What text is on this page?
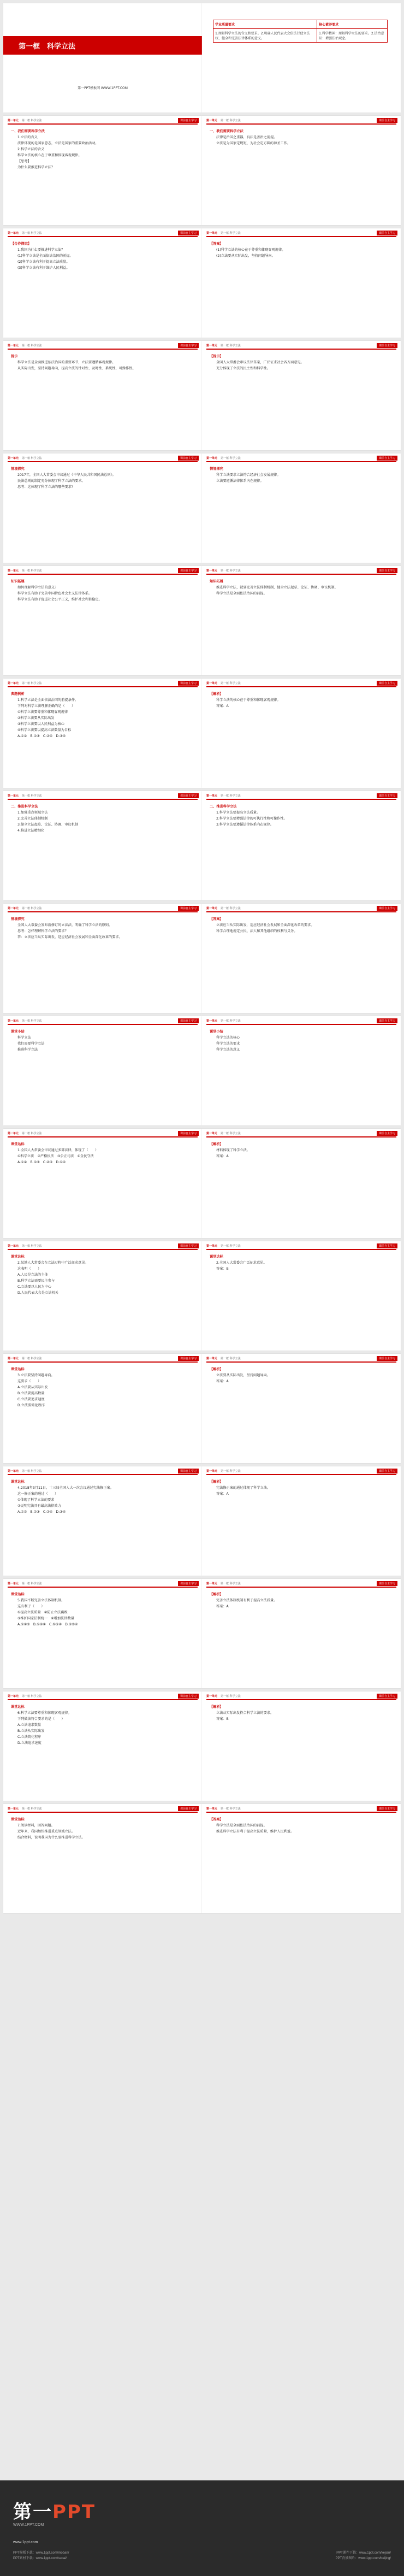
第一框　科学立法
第一PPT模板网 WWW.1PPT.COM
学业质量要求	核心素养要求
1.理解科学立法的含义和要求。2.明确人民代表大会依法行使立法权、健全和完善法律体系的意义。	1.科学精神：理解科学立法的要求。2.法治意识：增强法治观念。
第一单元 第一框 科学立法	课前自主学习

一、我们需要科学立法

1.立法的含义

法律体现的是国家意志，立法是国家的重要政治活动。

2.科学立法的含义

科学立法的核心在于尊重和体现客观规律。

【思考】

为什么要推进科学立法？

第一单元 第一框 科学立法	课前自主学习

【合作探究】

1.我国为什么要推进科学立法？

(1)科学立法是全面依法治国的前提。

(2)科学立法有利于提高立法质量。

(3)科学立法有利于维护人民利益。

第一单元 第一框 科学立法	课前自主学习

提示

科学立法是全面推进依法治国的重要环节，立法要遵循客观规律。

从实际出发，坚持问题导向，提高立法的针对性、及时性、系统性、可操作性。

第一单元 第一框 科学立法	课前自主学习

情境探究

2017年，全国人大常委会审议通过《中华人民共和国民法总则》。

民法总则的制定充分体现了科学立法的要求。

思考：这体现了科学立法的哪些要求？

第一单元 第一框 科学立法	课前自主学习

知识拓展

如何理解科学立法的意义？

科学立法有助于完善中国特色社会主义法律体系。

科学立法有助于促进社会公平正义，维护社会和谐稳定。

第一单元 第一框 科学立法	课前自主学习

典题例析

1.科学立法是全面依法治国的前提条件。

下列对科学立法理解正确的是（　　）

①科学立法要尊重和体现客观规律

②科学立法要从实际出发

③科学立法要以人民利益为核心

④科学立法要以提高立法数量为目标

A.①②　B.①③　C.②④　D.③④

第一单元 第一框 科学立法	课前自主学习

二、推进科学立法

1.加强重点领域立法

2.完善立法体制机制

3.健全立法起草、论证、协调、审议机制

4.推进立法精细化

第一单元 第一框 科学立法	课前自主学习

情境探究

全国人大常委会发布新修订的立法法，明确了科学立法的原则。

思考：怎样理解科学立法的要求？

答：立法应当从实际出发，适应经济社会发展和全面深化改革的要求。

第一单元 第一框 科学立法	课前自主学习

课堂小结

科学立法

我们需要科学立法

推进科学立法

第一单元 第一框 科学立法	课前自主学习

课堂达标

1.全国人大常委会审议通过多部法律，体现了（　　）

①科学立法　②严格执法　③公正司法　④全民守法

A.①②　B.①③　C.②③　D.①④

第一单元 第一框 科学立法	课前自主学习

课堂达标

2.某地人大常委会在立法过程中广泛征求意见。

这表明（　　）

A.人民是立法的主体

B.科学立法需要民主参与

C.立法要以人民为中心

D.人民代表大会是立法机关

第一单元 第一框 科学立法	课前自主学习

课堂达标

3.立法要坚持问题导向。

这要求（　　）

A.立法要从实际出发

B.立法要提高数量

C.立法要追求速度

D.立法要简化程序

第一单元 第一框 科学立法	课前自主学习

课堂达标

4.2018年3月11日，十三届全国人大一次会议通过宪法修正案。

这一修正案的通过（　　）

①体现了科学立法的要求

②说明宪法具有最高法律效力

A.①②　B.①③　C.②④　D.③④

第一单元 第一框 科学立法	课前自主学习

课堂达标

5.我国不断完善立法体制机制。

这有利于（　　）

①提高立法质量　②防止立法腐败

③维护国家法制统一　④增加法律数量

A.①②③　B.①②④　C.①③④　D.②③④

第一单元 第一框 科学立法	课前自主学习

课堂达标

6.科学立法要尊重和体现客观规律。

下列做法符合要求的是（　　）

A.立法追求数量

B.立法从实际出发

C.立法简化程序

D.立法追求速度

第一单元 第一框 科学立法	课前自主学习

课堂达标

7.阅读材料，回答问题。

近年来，我国加快推进重点领域立法。

结合材料，说明我国为什么要推进科学立法。

第一单元 第一框 科学立法	课前自主学习

一、我们需要科学立法

法律是治国之重器，良法是善治之前提。

立法是为国家定规矩、为社会定方圆的神圣工作。

第一单元 第一框 科学立法	课前自主学习

【答案】

(1)科学立法的核心在于尊重和体现客观规律。

(2)立法要从实际出发，坚持问题导向。

第一单元 第一框 科学立法	课前自主学习

【提示】

全国人大常委会审议法律草案，广泛征求社会各方面意见。

充分体现了立法的民主性和科学性。

第一单元 第一框 科学立法	课前自主学习

情境探究

科学立法要求立法符合经济社会发展规律。

立法要遵循法律体系内在规律。

第一单元 第一框 科学立法	课前自主学习

知识拓展

推进科学立法，就要完善立法体制机制，健全立法起草、论证、协调、审议机制。

科学立法是全面依法治国的前提。

第一单元 第一框 科学立法	课前自主学习

【解析】

科学立法的核心在于尊重和体现客观规律。

答案：A

第一单元 第一框 科学立法	课前自主学习

二、推进科学立法

1.科学立法要提高立法质量。

2.科学立法要增强法律的可执行性和可操作性。

3.科学立法要遵循法律体系内在规律。

第一单元 第一框 科学立法	课前自主学习

【答案】

立法应当从实际出发，适应经济社会发展和全面深化改革的要求。

科学合理地规定公民、法人和其他组织的权利与义务。

第一单元 第一框 科学立法	课前自主学习

课堂小结

科学立法的核心

科学立法的要求

科学立法的意义

第一单元 第一框 科学立法	课前自主学习

【解析】

材料体现了科学立法。

答案：A

第一单元 第一框 科学立法	课前自主学习

课堂达标

2.全国人大常委会广泛征求意见。

答案：B

第一单元 第一框 科学立法	课前自主学习

【解析】

立法要从实际出发，坚持问题导向。

答案：A

第一单元 第一框 科学立法	课前自主学习

【解析】

宪法修正案的通过体现了科学立法。

答案：A

第一单元 第一框 科学立法	课前自主学习

【解析】

完善立法体制机制有利于提高立法质量。

答案：A

第一单元 第一框 科学立法	课前自主学习

【解析】

立法从实际出发符合科学立法的要求。

答案：B

第一单元 第一框 科学立法	课前自主学习

【答案】

科学立法是全面依法治国的前提。

推进科学立法有利于提高立法质量，维护人民利益。

第一PPT
WWW.1PPT.COM
www.1ppt.com
PPT模板下载：www.1ppt.com/moban/	PPT课件下载：www.1ppt.com/kejian/
PPT素材下载：www.1ppt.com/sucai/	PPT背景图片：www.1ppt.com/beijing/
